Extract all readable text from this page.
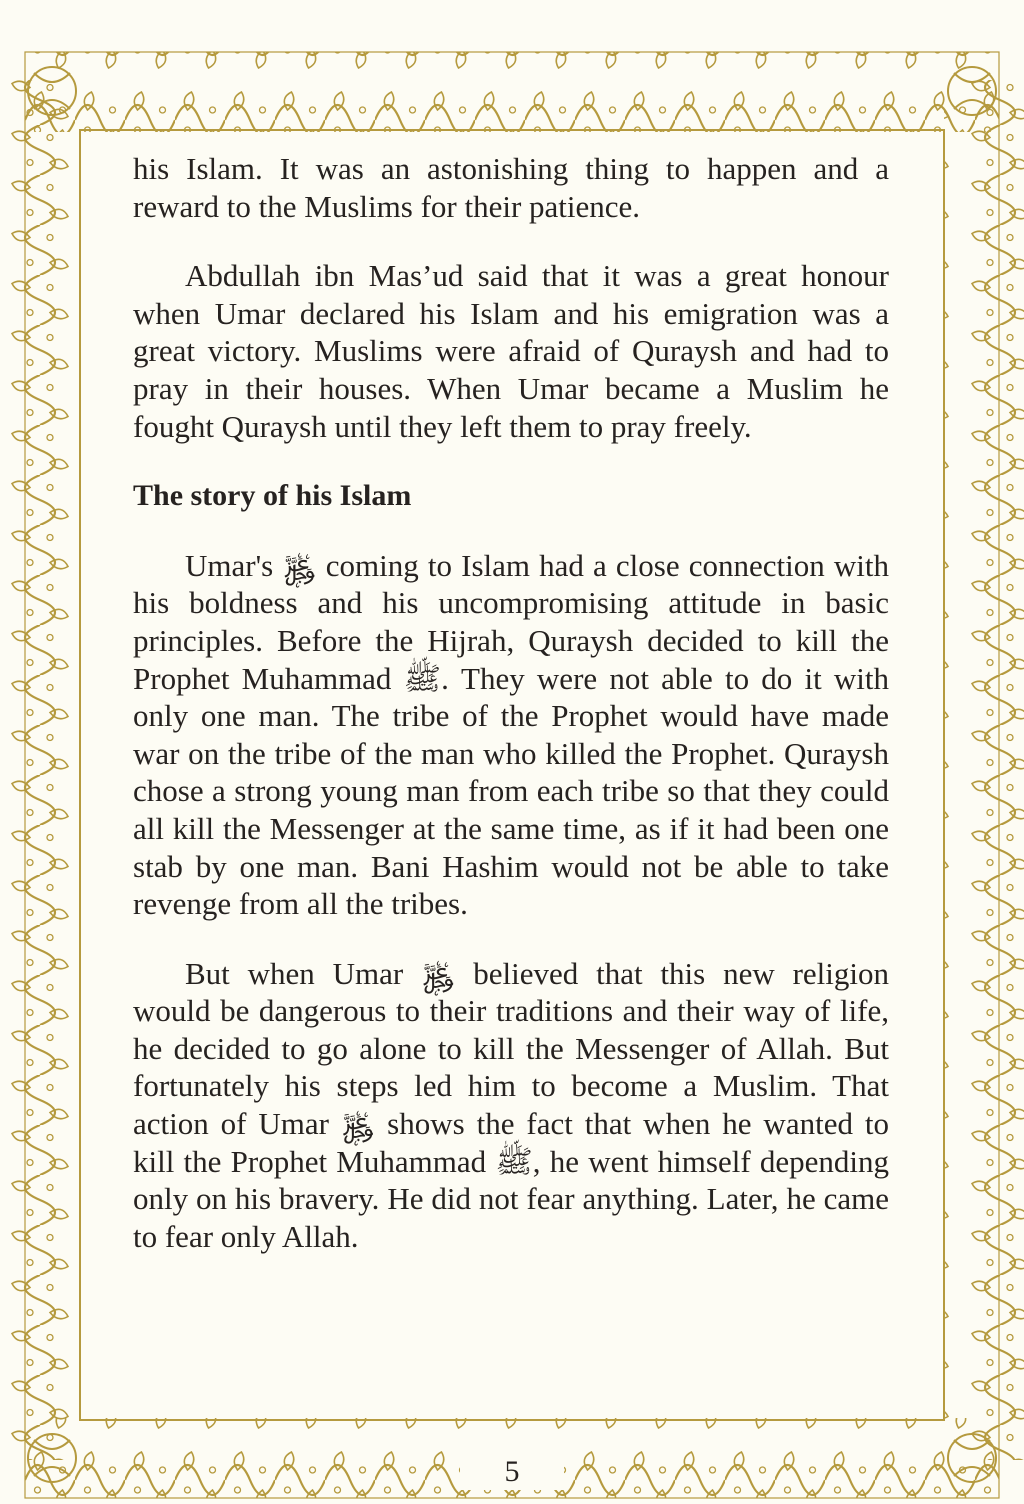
his Islam. It was an astonishing thing to happen and a reward to the Muslims for their patience.

Abdullah ibn Mas’ud said that it was a great honour when Umar declared his Islam and his emigration was a great victory. Muslims were afraid of Quraysh and had to pray in their houses. When Umar became a Muslim he fought Quraysh until they left them to pray freely.

The story of his Islam

Umar's ﷿ coming to Islam had a close connection with his boldness and his uncompromising attitude in basic principles. Before the Hijrah, Quraysh decided to kill the Prophet Muhammad ﷺ. They were not able to do it with only one man. The tribe of the Prophet would have made war on the tribe of the man who killed the Prophet. Quraysh chose a strong young man from each tribe so that they could all kill the Messenger at the same time, as if it had been one stab by one man. Bani Hashim would not be able to take revenge from all the tribes.

But when Umar ﷿ believed that this new religion would be dangerous to their traditions and their way of life, he decided to go alone to kill the Messenger of Allah. But fortunately his steps led him to become a Muslim. That action of Umar ﷿ shows the fact that when he wanted to kill the Prophet Muhammad ﷺ, he went himself depending only on his bravery. He did not fear anything. Later, he came to fear only Allah.

5
